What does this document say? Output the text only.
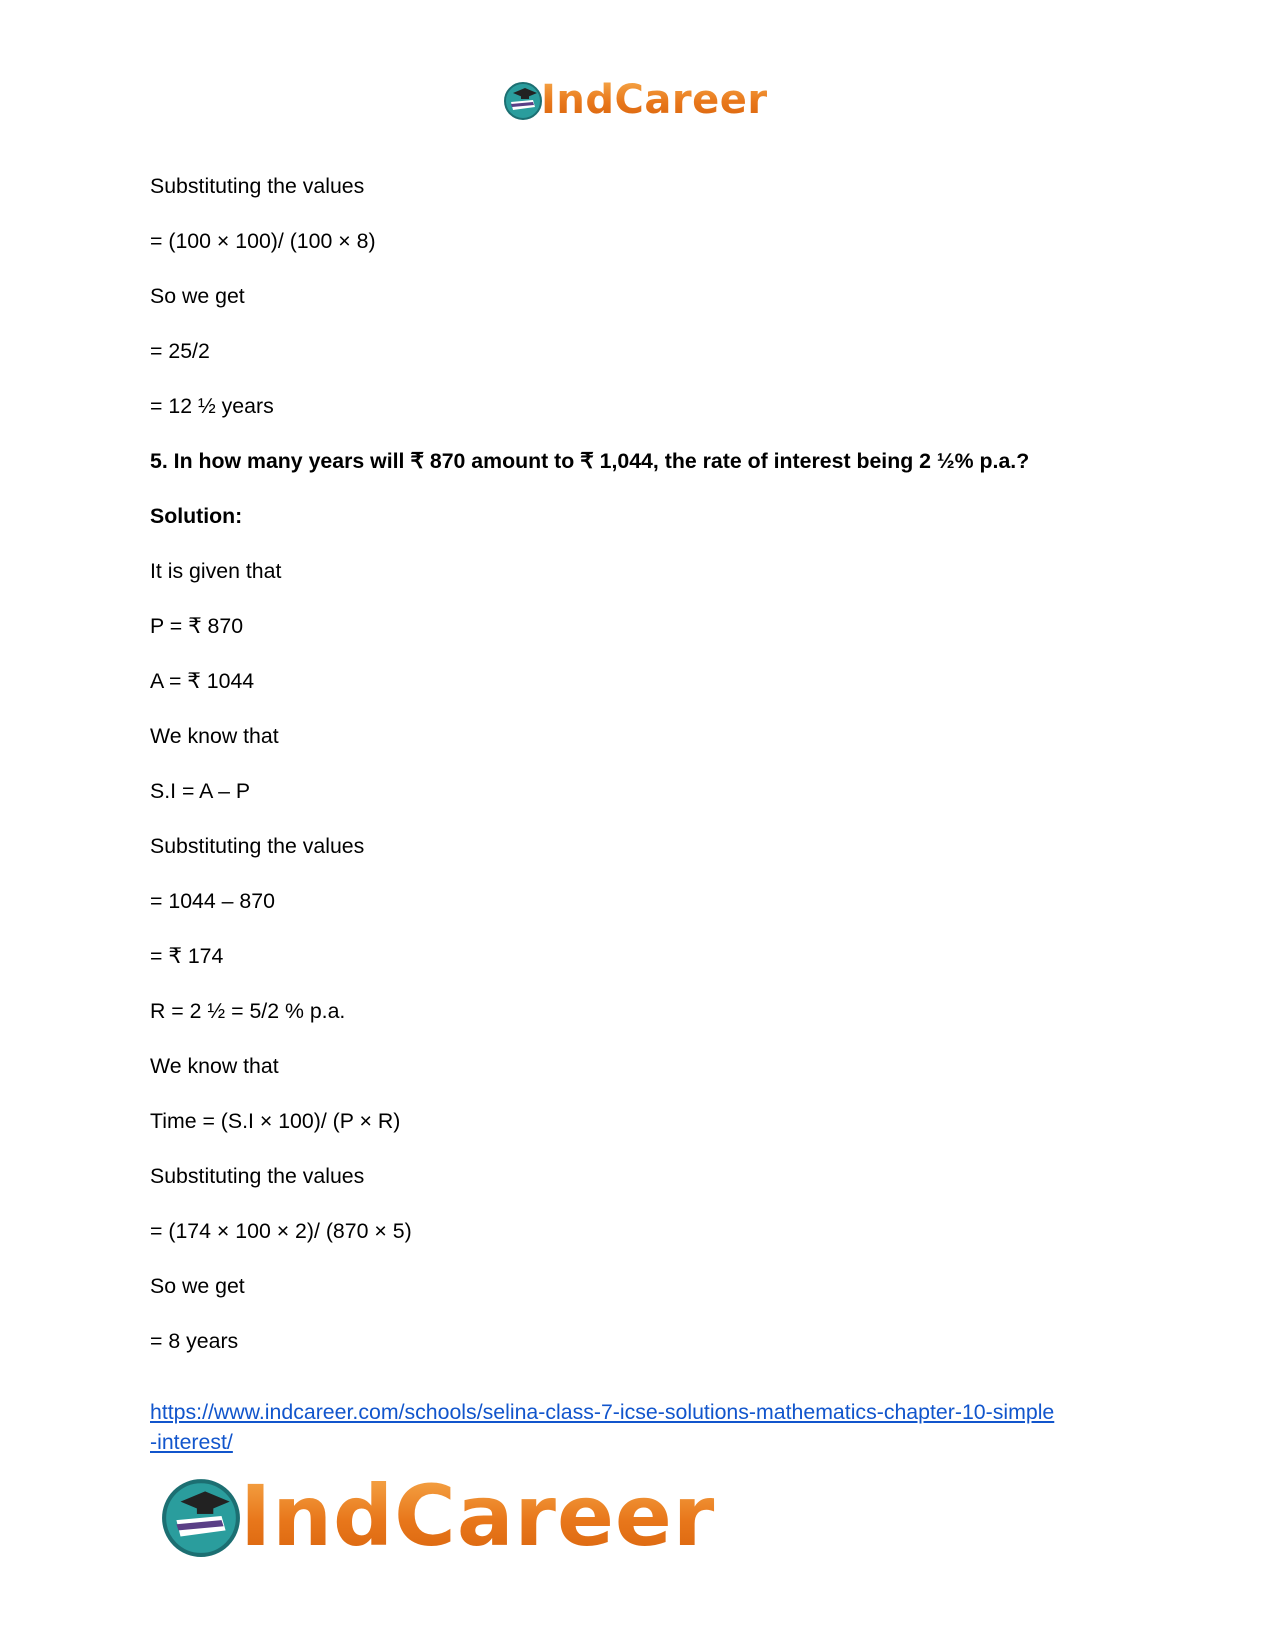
IndCareer
Substituting the values
= (100 × 100)/ (100 × 8)
So we get
= 25/2
= 12 ½ years
5. In how many years will ₹ 870 amount to ₹ 1,044, the rate of interest being 2 ½% p.a.?
Solution:
It is given that
P = ₹ 870
A = ₹ 1044
We know that
S.I = A – P
Substituting the values
= 1044 – 870
= ₹ 174
R = 2 ½ = 5/2 % p.a.
We know that
Time = (S.I × 100)/ (P × R)
Substituting the values
= (174 × 100 × 2)/ (870 × 5)
So we get
= 8 years
https://www.indcareer.com/schools/selina-class-7-icse-solutions-mathematics-chapter-10-simple
-interest/
IndCareer
